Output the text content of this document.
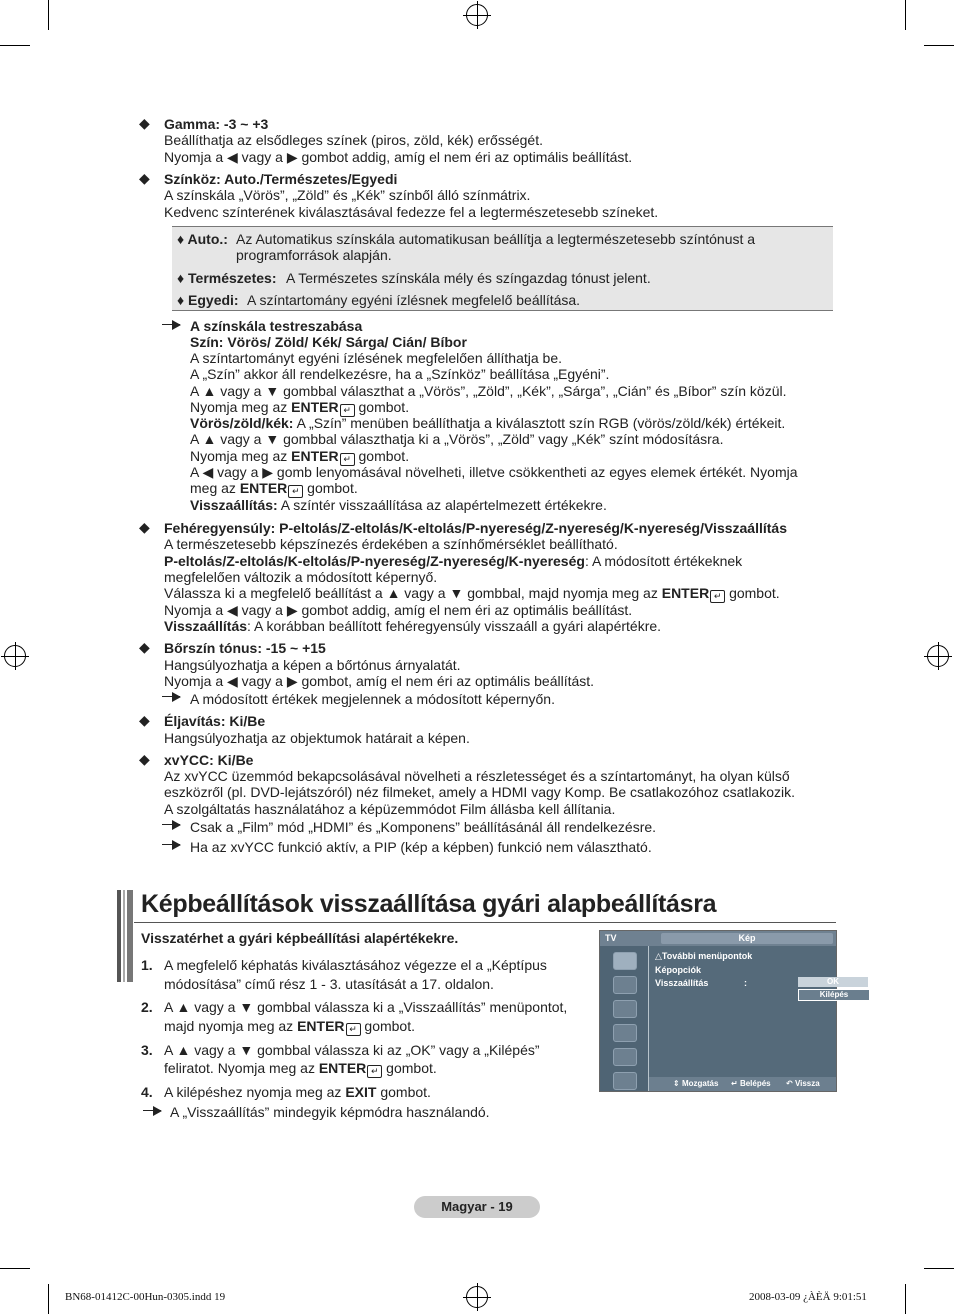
◆ Gamma: -3 ~ +3
Beállíthatja az elsődleges színek (piros, zöld, kék) erősségét.
Nyomja a ◀ vagy a ▶ gombot addig, amíg el nem éri az optimális beállítást.
◆ Színköz: Auto./Természetes/Egyedi
A színskála „Vörös”, „Zöld” és „Kék” színből álló színmátrix.
Kedvenc színterének kiválasztásával fedezze fel a legtermészetesebb színeket.
♦ Auto.: Az Automatikus színskála automatikusan beállítja a legtermészetesebb színtónust a
programforrások alapján.
♦ Természetes: A Természetes színskála mély és színgazdag tónust jelent.
♦ Egyedi: A színtartomány egyéni ízlésnek megfelelő beállítása.
A színskála testreszabása
Szín: Vörös/ Zöld/ Kék/ Sárga/ Cián/ Bíbor
A színtartományt egyéni ízlésének megfelelően állíthatja be.
A „Szín” akkor áll rendelkezésre, ha a „Színköz” beállítása „Egyéni”.
A ▲ vagy a ▼ gombbal választhat a „Vörös”, „Zöld”, „Kék”, „Sárga”, „Cián” és „Bíbor” szín közül.
Nyomja meg az ENTER ↵ gombot.
Vörös/zöld/kék: A „Szín” menüben beállíthatja a kiválasztott szín RGB (vörös/zöld/kék) értékeit.
A ▲ vagy a ▼ gombbal választhatja ki a „Vörös”, „Zöld” vagy „Kék” színt módosításra.
Nyomja meg az ENTER ↵ gombot.
A ◀ vagy a ▶ gomb lenyomásával növelheti, illetve csökkentheti az egyes elemek értékét. Nyomja
meg az ENTER ↵ gombot.
Visszaállítás: A színtér visszaállítása az alapértelmezett értékekre.
◆ Fehéregyensúly: P-eltolás/Z-eltolás/K-eltolás/P-nyereség/Z-nyereség/K-nyereség/Visszaállítás
A természetesebb képszínezés érdekében a színhőmérséklet beállítható.
P-eltolás/Z-eltolás/K-eltolás/P-nyereség/Z-nyereség/K-nyereség: A módosított értékeknek
megfelelően változik a módosított képernyő.
Válassza ki a megfelelő beállítást a ▲ vagy a ▼ gombbal, majd nyomja meg az ENTER ↵ gombot.
Nyomja a ◀ vagy a ▶ gombot addig, amíg el nem éri az optimális beállítást.
Visszaállítás: A korábban beállított fehéregyensúly visszaáll a gyári alapértékre.
◆ Bőrszín tónus: -15 ~ +15
Hangsúlyozhatja a képen a bőrtónus árnyalatát.
Nyomja a ◀ vagy a ▶ gombot, amíg el nem éri az optimális beállítást.
A módosított értékek megjelennek a módosított képernyőn.
◆ Éljavítás: Ki/Be
Hangsúlyozhatja az objektumok határait a képen.
◆ xvYCC: Ki/Be
Az xvYCC üzemmód bekapcsolásával növelheti a részletességet és a színtartományt, ha olyan külső
eszközről (pl. DVD-lejátszóról) néz filmeket, amely a HDMI vagy Komp. Be csatlakozóhoz csatlakozik.
A szolgáltatás használatához a képüzemmódot Film állásba kell állítania.
Csak a „Film” mód „HDMI” és „Komponens” beállításánál áll rendelkezésre.
Ha az xvYCC funkció aktív, a PIP (kép a képben) funkció nem választható.
Képbeállítások visszaállítása gyári alapbeállításra
Visszatérhet a gyári képbeállítási alapértékekre.
1. A megfelelő képhatás kiválasztásához végezze el a „Képtípus
módosítása” című rész 1 - 3. utasítását a 17. oldalon.
2. A ▲ vagy a ▼ gombbal válassza ki a „Visszaállítás” menüpontot,
majd nyomja meg az ENTER ↵ gombot.
3. A ▲ vagy a ▼ gombbal válassza ki az „OK” vagy a „Kilépés”
feliratot. Nyomja meg az ENTER ↵ gombot.
4. A kilépéshez nyomja meg az EXIT gombot.
A „Visszaállítás” mindegyik képmódra használandó.
TV	Kép
△További menüpontok
Képopciók
Visszaállítás	:	OK
Kilépés
⇕ Mozgatás ↵ Belépés ↶ Vissza
Magyar - 19
BN68-01412C-00Hun-0305.indd 19	2008-03-09 ¿ÀÈÄ 9:01:51
